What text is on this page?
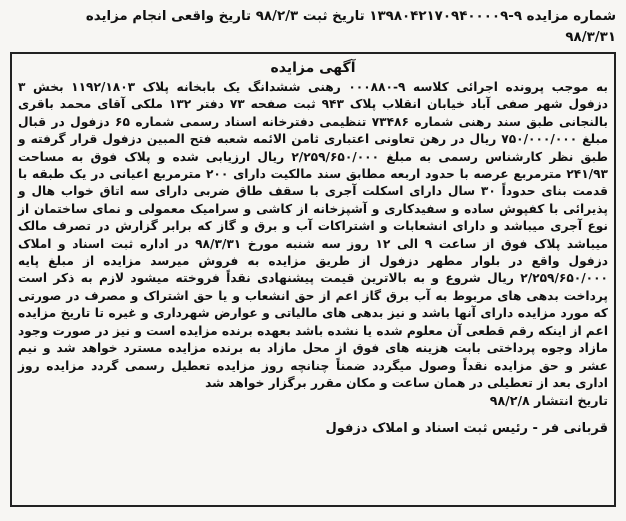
شماره مزایده ۹-۱۳۹۸۰۴۲۱۷۰۹۴۰۰۰۰۹ تاریخ ثبت ۹۸/۲/۳ تاریخ واقعی انجام مزایده
۹۸/۳/۳۱
آگهی مزایده
به موجب پرونده اجرائی کلاسه ۹-۰۰۰۸۸۰ رهنی ششدانگ یک بابخانه پلاک ۱۱۹۲/۱۸۰۳ بخش ۳ دزفول شهر صفی آباد خیابان انقلاب پلاک ۹۴۳ ثبت صفحه ۷۳ دفتر ۱۳۲ ملکی آقای محمد باقری بالنجانی طبق سند رهنی شماره ۷۳۴۸۶ تنظیمی دفترخانه اسناد رسمی شماره ۶۵ دزفول در قبال مبلغ ۷۵۰/۰۰۰/۰۰۰ ریال در رهن تعاونی اعتباری ثامن الائمه شعبه فتح المبین دزفول قرار گرفته و طبق نظر کارشناس رسمی به مبلغ ۲/۲۵۹/۶۵۰/۰۰۰ ریال ارزیابی شده و پلاک فوق به مساحت ۲۴۱/۹۳ مترمربع عرصه با حدود اربعه مطابق سند مالکیت دارای ۲۰۰ مترمربع اعیانی در یک طبقه با قدمت بنای حدوداً ۳۰ سال دارای اسکلت آجری با سقف طاق ضربی دارای سه اتاق خواب هال و پذیرائی با کفپوش ساده و سفیدکاری و آشپزخانه از کاشی و سرامیک معمولی و نمای ساختمان از نوع آجری میباشد و دارای انشعابات و اشتراکات آب و برق و گاز که برابر گزارش در تصرف مالک میباشد پلاک فوق از ساعت ۹ الی ۱۲ روز سه شنبه مورخ ۹۸/۳/۳۱ در اداره ثبت اسناد و املاک دزفول واقع در بلوار مطهر دزفول از طریق مزایده به فروش میرسد مزایده از مبلغ پایه ۲/۲۵۹/۶۵۰/۰۰۰ ریال شروع و به بالاترین قیمت پیشنهادی نقداً فروخته میشود لازم به ذکر است پرداخت بدهی های مربوط به آب برق گاز اعم از حق انشعاب و یا حق اشتراک و مصرف در صورتی که مورد مزایده دارای آنها باشد و نیز بدهی های مالیاتی و عوارض شهرداری و غیره تا تاریخ مزایده اعم از اینکه رقم قطعی آن معلوم شده یا نشده باشد بعهده برنده مزایده است و نیز در صورت وجود مازاد وجوه پرداختی بابت هزینه های فوق از محل مازاد به برنده مزایده مسترد خواهد شد و نیم عشر و حق مزایده نقداً وصول میگردد ضمناً چنانچه روز مزایده تعطیل رسمی گردد مزایده روز اداری بعد از تعطیلی در همان ساعت و مکان مقرر برگزار خواهد شد
تاریخ انتشار ۹۸/۲/۸
قربانی فر - رئیس ثبت اسناد و املاک دزفول
